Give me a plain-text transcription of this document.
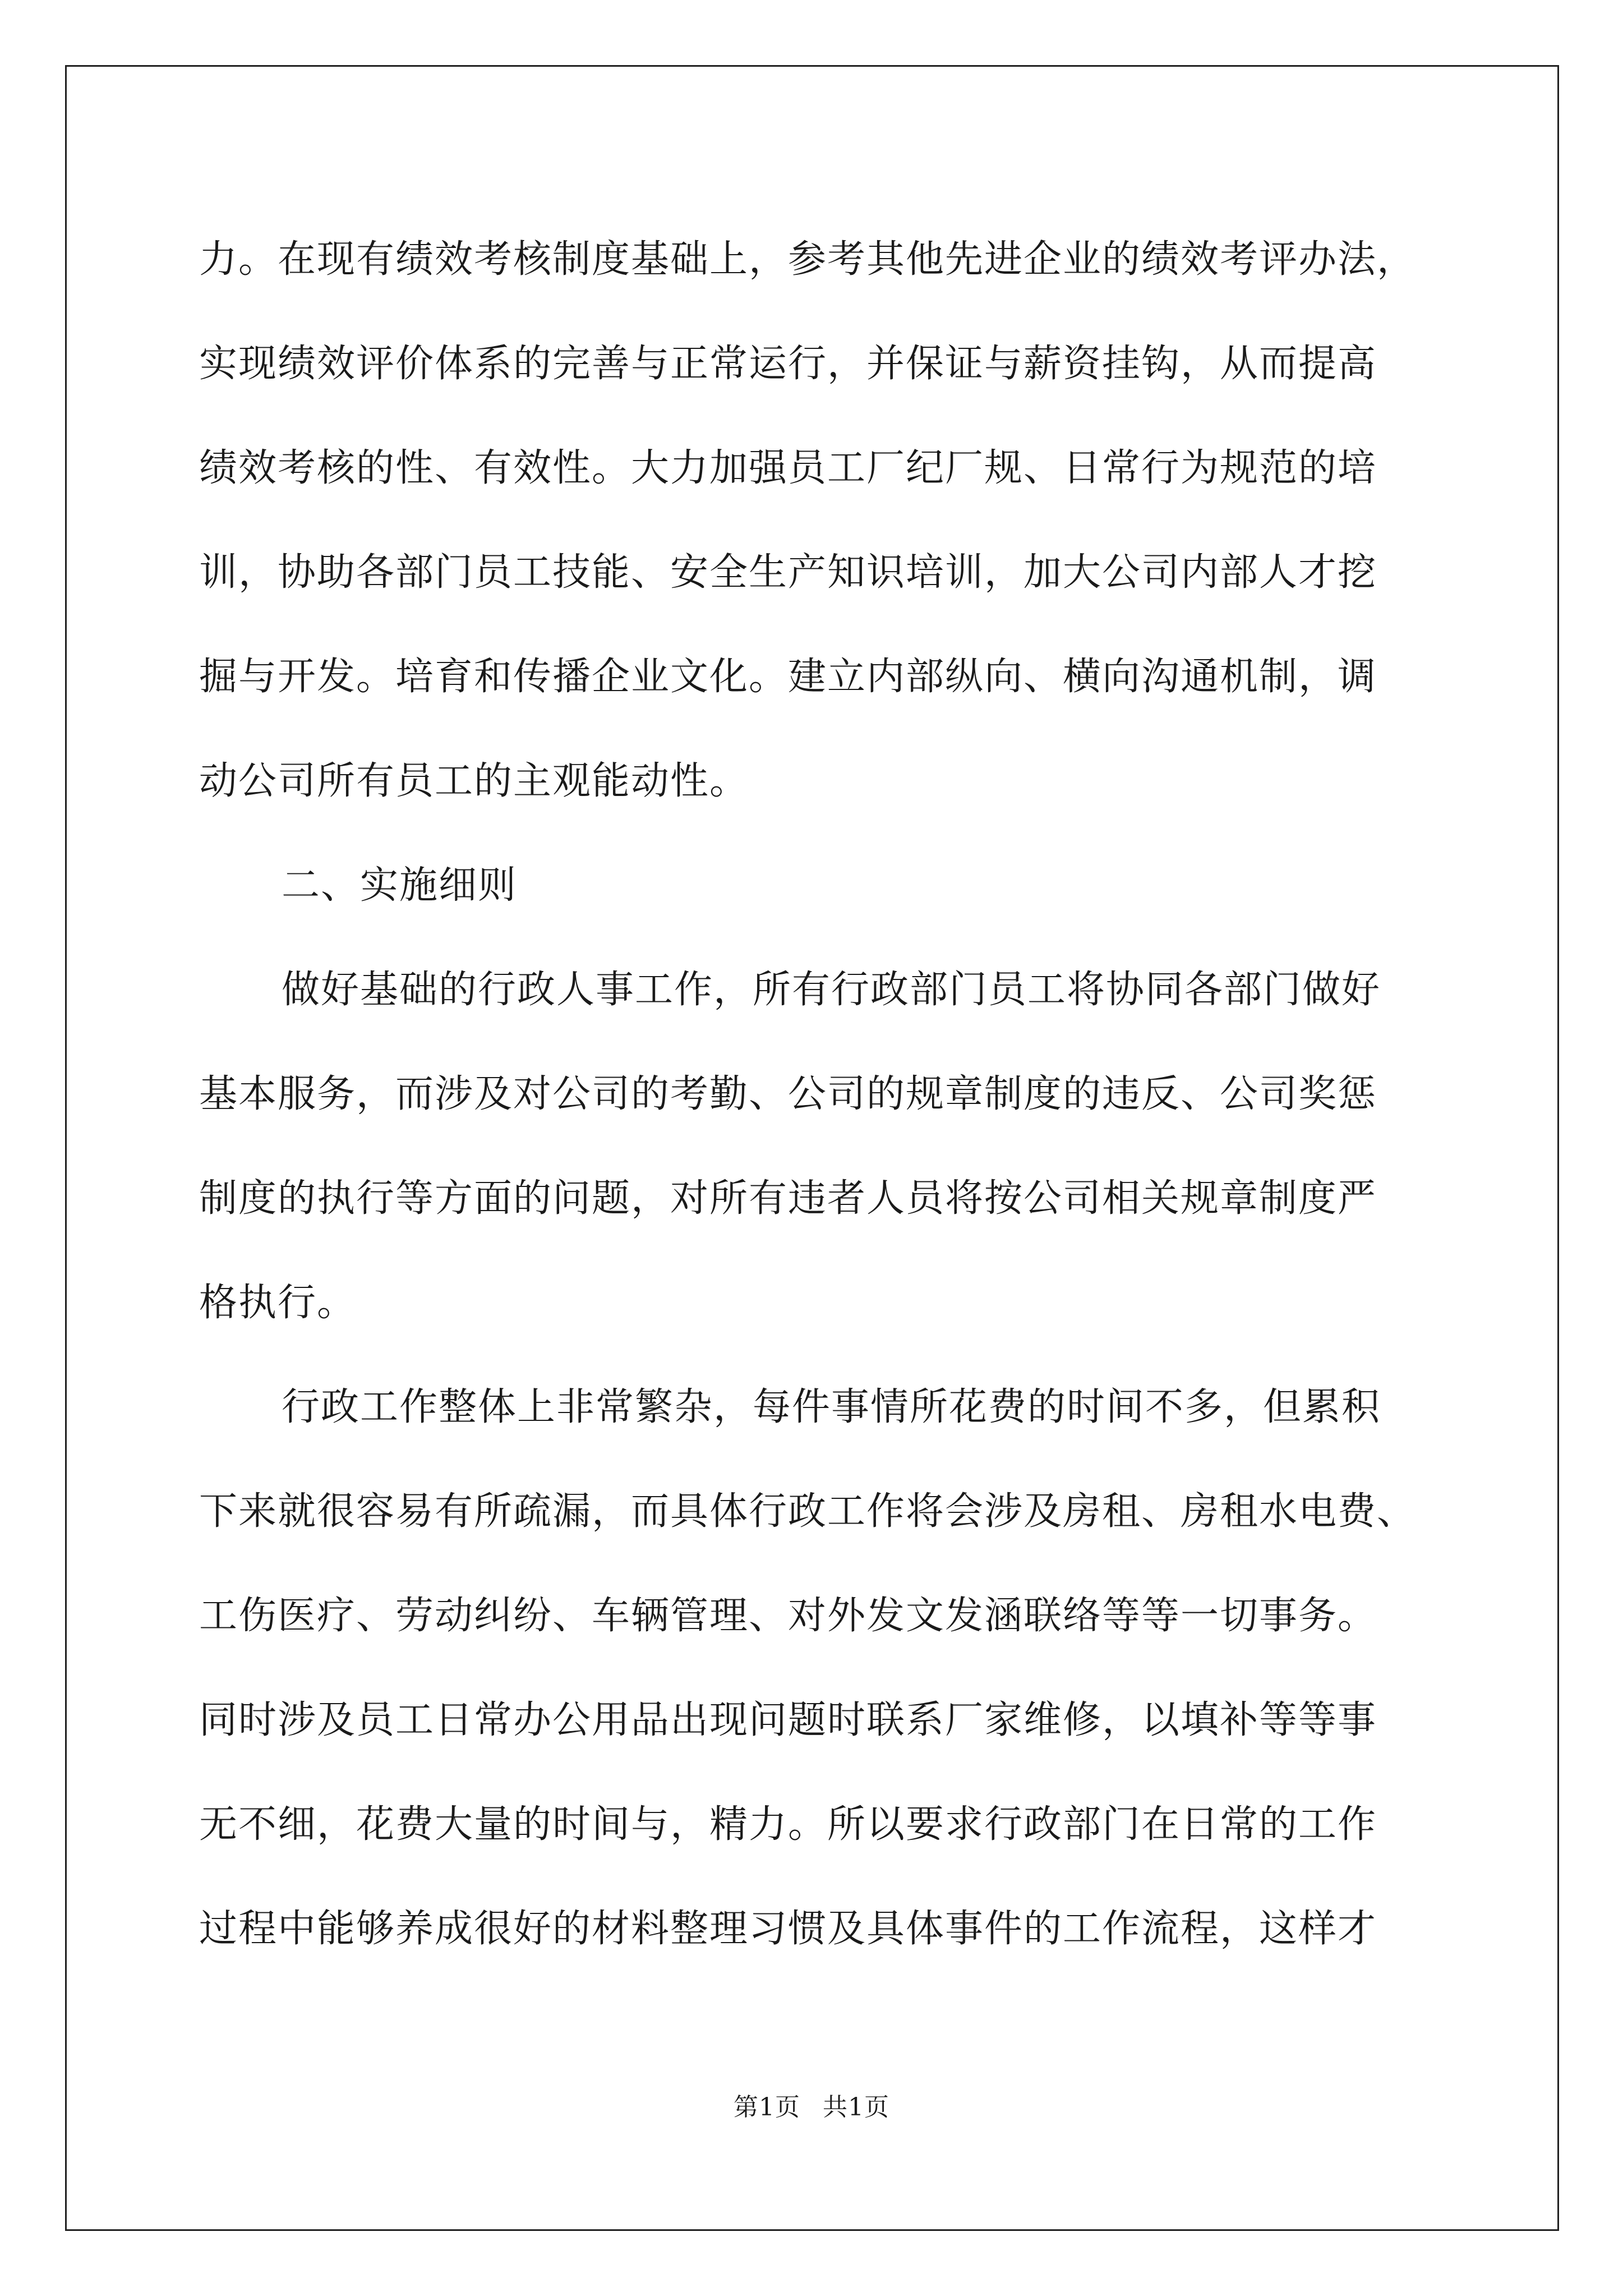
力。在现有绩效考核制度基础上，参考其他先进企业的绩效考评办法，
实现绩效评价体系的完善与正常运行，并保证与薪资挂钩，从而提高
绩效考核的性、有效性。大力加强员工厂纪厂规、日常行为规范的培
训，协助各部门员工技能、安全生产知识培训，加大公司内部人才挖
掘与开发。培育和传播企业文化。建立内部纵向、横向沟通机制，调
动公司所有员工的主观能动性。
二、实施细则
做好基础的行政人事工作，所有行政部门员工将协同各部门做好
基本服务，而涉及对公司的考勤、公司的规章制度的违反、公司奖惩
制度的执行等方面的问题，对所有违者人员将按公司相关规章制度严
格执行。
行政工作整体上非常繁杂，每件事情所花费的时间不多，但累积
下来就很容易有所疏漏，而具体行政工作将会涉及房租、房租水电费、
工伤医疗、劳动纠纷、车辆管理、对外发文发涵联络等等一切事务。
同时涉及员工日常办公用品出现问题时联系厂家维修，以填补等等事
无不细，花费大量的时间与，精力。所以要求行政部门在日常的工作
过程中能够养成很好的材料整理习惯及具体事件的工作流程，这样才
第1页 共1页
